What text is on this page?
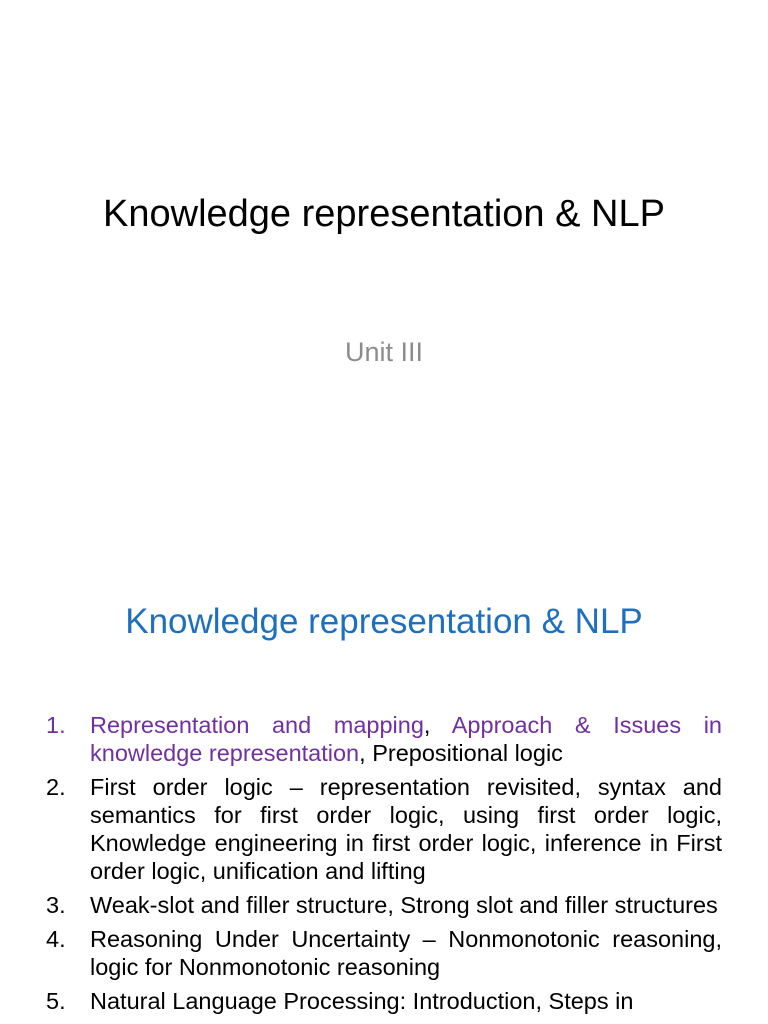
Knowledge representation & NLP
Unit III
Knowledge representation & NLP
1. Representation and mapping, Approach & Issues in knowledge representation, Prepositional logic
2. First order logic – representation revisited, syntax and semantics for first order logic, using first order logic, Knowledge engineering in first order logic, inference in First order logic, unification and lifting
3. Weak-slot and filler structure, Strong slot and filler structures
4. Reasoning Under Uncertainty – Nonmonotonic reasoning, logic for Nonmonotonic reasoning
5. Natural Language Processing: Introduction, Steps in
